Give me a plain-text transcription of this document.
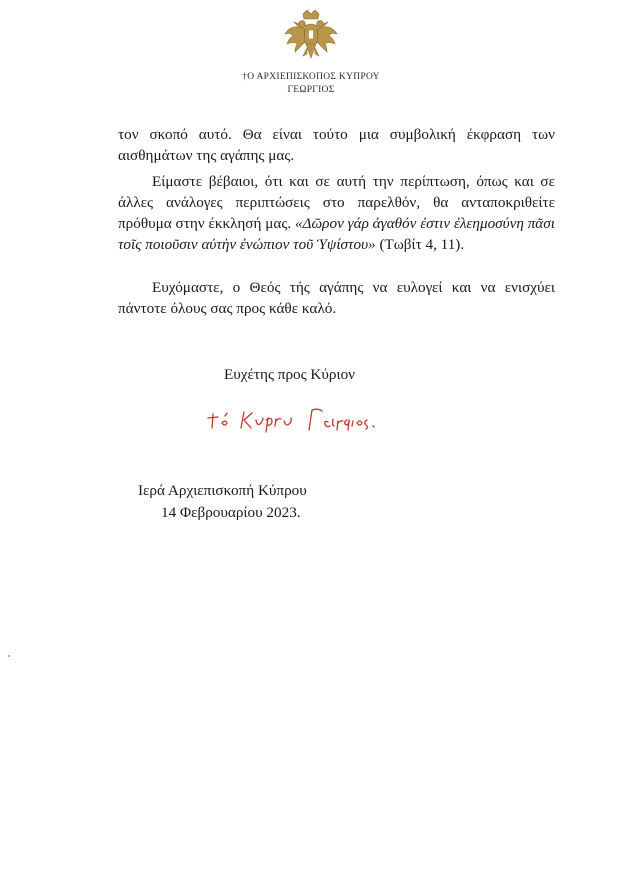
†Ο ΑΡΧΙΕΠΙΣΚΟΠΟΣ ΚΥΠΡΟΥ
ΓΕΩΡΓΙΟΣ

τον σκοπό αυτό. Θα είναι τούτο μια συμβολική έκφραση των αισθημάτων της αγάπης μας.

Είμαστε βέβαιοι, ότι και σε αυτή την περίπτωση, όπως και σε άλλες ανάλογες περιπτώσεις στο παρελθόν, θα ανταποκριθείτε πρόθυμα στην έκκλησή μας. «Δῶρον γάρ ἀγαθόν ἐστιν ἐλεημοσύνη πᾶσι τοῖς ποιοῦσιν αὐτὴν ἐνώπιον τοῦ Ὑψίστου» (Τωβίτ 4, 11).

Ευχόμαστε, ο Θεός τής αγάπης να ευλογεί και να ενισχύει πάντοτε όλους σας προς κάθε καλό.

Ευχέτης προς Κύριον
Ιερά Αρχιεπισκοπή Κύπρου
14 Φεβρουαρίου 2023.
